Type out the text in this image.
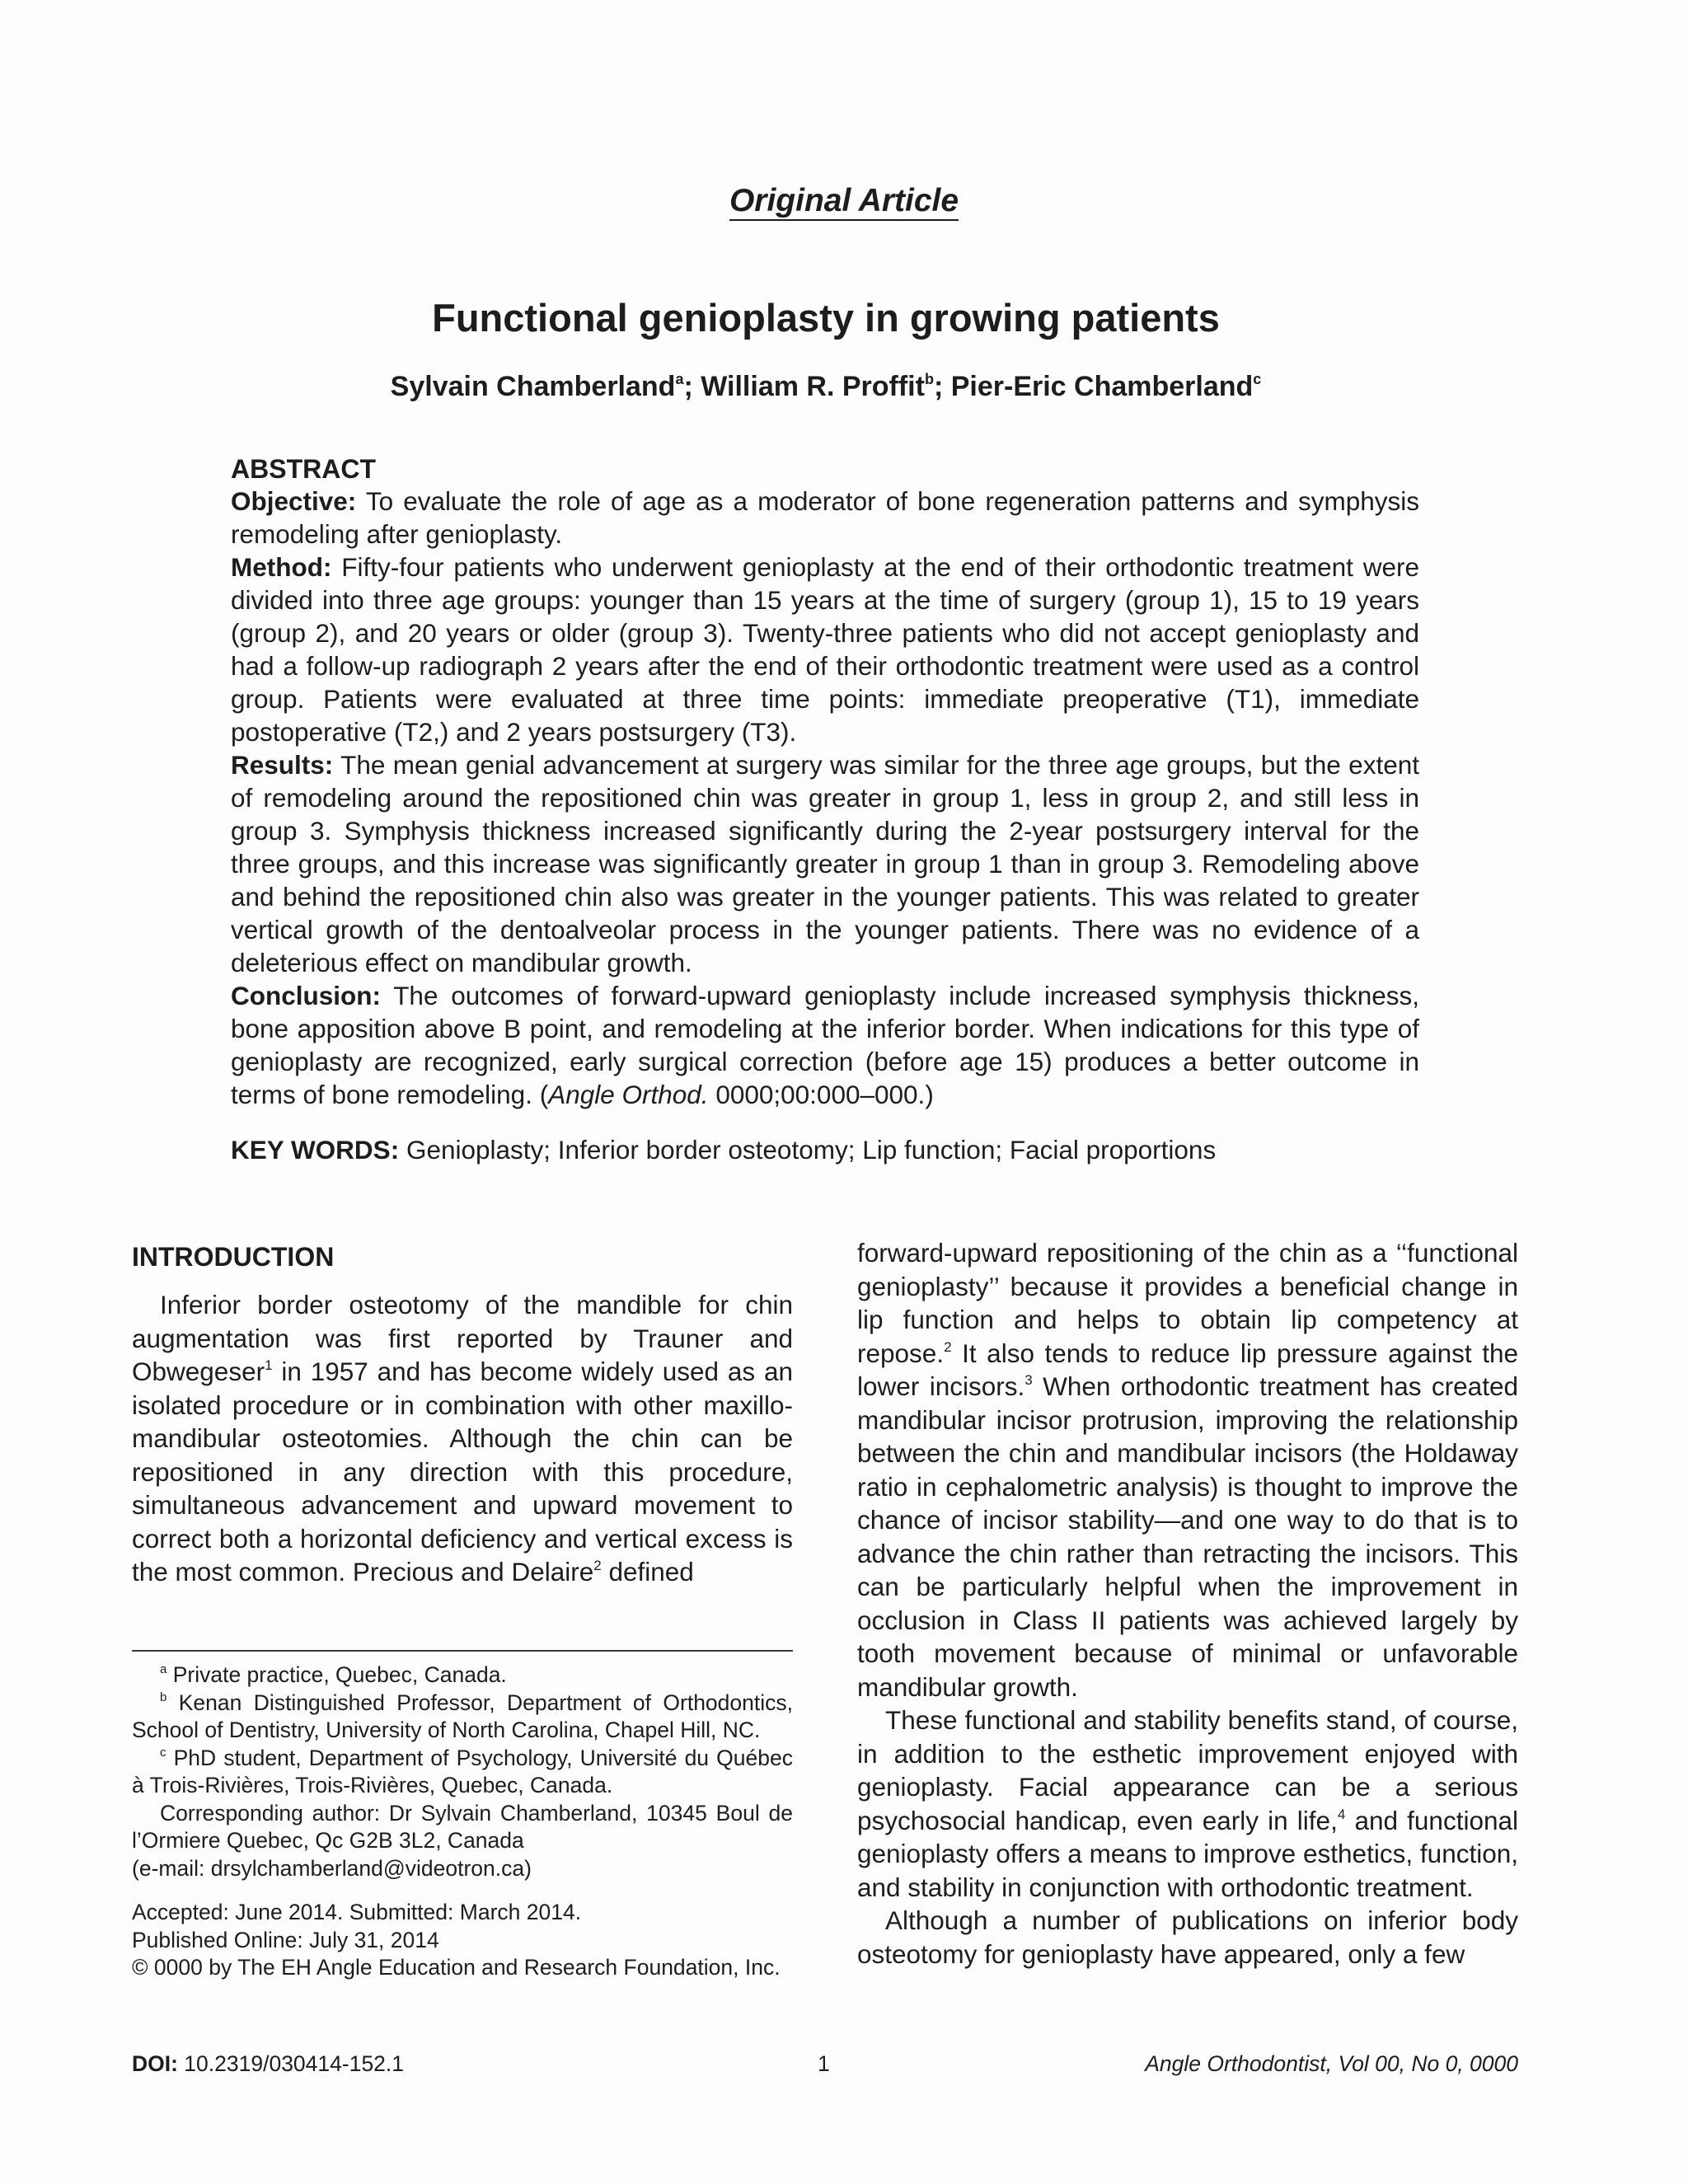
Original Article
Functional genioplasty in growing patients
Sylvain Chamberland$^a$; William R. Proffit$^b$; Pier-Eric Chamberland$^c$
ABSTRACT

Objective: To evaluate the role of age as a moderator of bone regeneration patterns and symphysis remodeling after genioplasty.

Method: Fifty-four patients who underwent genioplasty at the end of their orthodontic treatment were divided into three age groups: younger than 15 years at the time of surgery (group 1), 15 to 19 years (group 2), and 20 years or older (group 3). Twenty-three patients who did not accept genioplasty and had a follow-up radiograph 2 years after the end of their orthodontic treatment were used as a control group. Patients were evaluated at three time points: immediate preoperative (T1), immediate postoperative (T2,) and 2 years postsurgery (T3).

Results: The mean genial advancement at surgery was similar for the three age groups, but the extent of remodeling around the repositioned chin was greater in group 1, less in group 2, and still less in group 3. Symphysis thickness increased significantly during the 2-year postsurgery interval for the three groups, and this increase was significantly greater in group 1 than in group 3. Remodeling above and behind the repositioned chin also was greater in the younger patients. This was related to greater vertical growth of the dentoalveolar process in the younger patients. There was no evidence of a deleterious effect on mandibular growth.

Conclusion: The outcomes of forward-upward genioplasty include increased symphysis thickness, bone apposition above B point, and remodeling at the inferior border. When indications for this type of genioplasty are recognized, early surgical correction (before age 15) produces a better outcome in terms of bone remodeling. (Angle Orthod. 0000;00:000–000.)

KEY WORDS: Genioplasty; Inferior border osteotomy; Lip function; Facial proportions
INTRODUCTION

Inferior border osteotomy of the mandible for chin augmentation was first reported by Trauner and Obwegeser$^1$ in 1957 and has become widely used as an isolated procedure or in combination with other maxillo-mandibular osteotomies. Although the chin can be repositioned in any direction with this procedure, simultaneous advancement and upward movement to correct both a horizontal deficiency and vertical excess is the most common. Precious and Delaire$^2$ defined

$^a$ Private practice, Quebec, Canada.

$^b$ Kenan Distinguished Professor, Department of Orthodontics, School of Dentistry, University of North Carolina, Chapel Hill, NC.

$^c$ PhD student, Department of Psychology, Université du Québec à Trois-Rivières, Trois-Rivières, Quebec, Canada.

Corresponding author: Dr Sylvain Chamberland, 10345 Boul de l’Ormiere Quebec, Qc G2B 3L2, Canada

(e-mail: drsylchamberland@videotron.ca)

Accepted: June 2014. Submitted: March 2014.

Published Online: July 31, 2014

© 0000 by The EH Angle Education and Research Foundation, Inc.

forward-upward repositioning of the chin as a ‘‘functional genioplasty’’ because it provides a beneficial change in lip function and helps to obtain lip competency at repose.$^2$ It also tends to reduce lip pressure against the lower incisors.$^3$ When orthodontic treatment has created mandibular incisor protrusion, improving the relationship between the chin and mandibular incisors (the Holdaway ratio in cephalometric analysis) is thought to improve the chance of incisor stability—and one way to do that is to advance the chin rather than retracting the incisors. This can be particularly helpful when the improvement in occlusion in Class II patients was achieved largely by tooth movement because of minimal or unfavorable mandibular growth.

These functional and stability benefits stand, of course, in addition to the esthetic improvement enjoyed with genioplasty. Facial appearance can be a serious psychosocial handicap, even early in life,$^4$ and functional genioplasty offers a means to improve esthetics, function, and stability in conjunction with orthodontic treatment.

Although a number of publications on inferior body osteotomy for genioplasty have appeared, only a few

DOI: 10.2319/030414-152.1	1	Angle Orthodontist, Vol 00, No 0, 0000
